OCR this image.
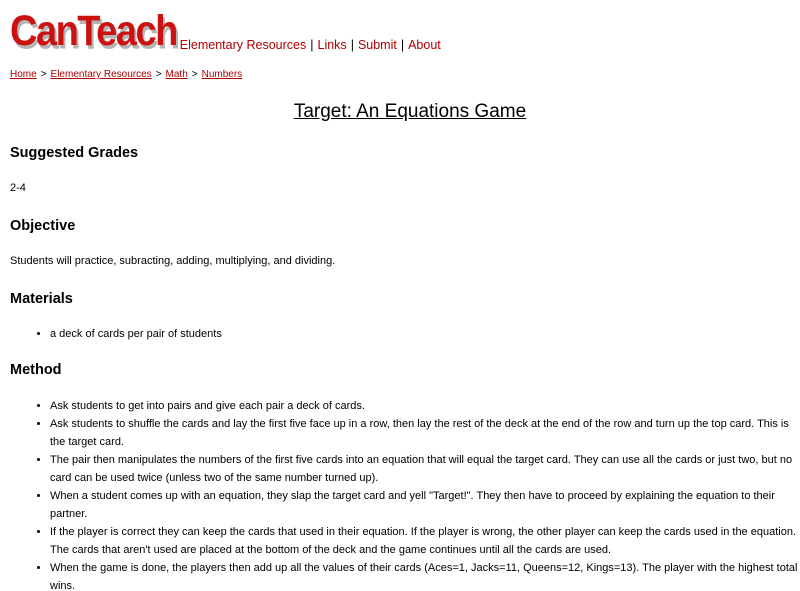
CanTeach Elementary Resources | Links | Submit | About
Home > Elementary Resources > Math > Numbers
Target: An Equations Game
Suggested Grades

2-4

Objective

Students will practice, subracting, adding, multiplying, and dividing.

Materials
• a deck of cards per pair of students
Method
• Ask students to get into pairs and give each pair a deck of cards.
• Ask students to shuffle the cards and lay the first five face up in a row, then lay the rest of the deck at the end of the row and turn up the top card. This is the target card.
• The pair then manipulates the numbers of the first five cards into an equation that will equal the target card. They can use all the cards or just two, but no card can be used twice (unless two of the same number turned up).
• When a student comes up with an equation, they slap the target card and yell "Target!". They then have to proceed by explaining the equation to their partner.
• If the player is correct they can keep the cards that used in their equation. If the player is wrong, the other player can keep the cards used in the equation. The cards that aren't used are placed at the bottom of the deck and the game continues until all the cards are used.
• When the game is done, the players then add up all the values of their cards (Aces=1, Jacks=11, Queens=12, Kings=13). The player with the highest total wins.
